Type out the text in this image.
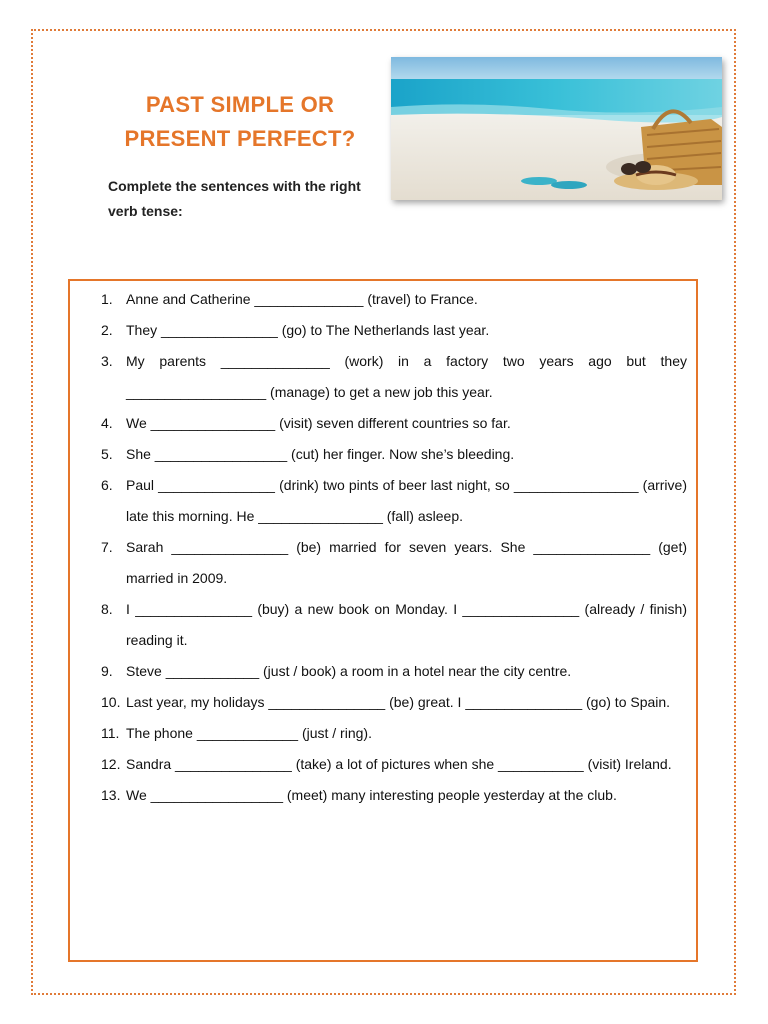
PAST SIMPLE OR
PRESENT PERFECT?
Complete the sentences with the right verb tense:
1. Anne and Catherine ______________ (travel) to France.
2. They _______________ (go) to The Netherlands last year.
3. My parents ______________ (work) in a factory two years ago but they __________________ (manage) to get a new job this year.
4. We ________________ (visit) seven different countries so far.
5. She _________________ (cut) her finger. Now she’s bleeding.
6. Paul _______________ (drink) two pints of beer last night, so ________________ (arrive) late this morning. He ________________ (fall) asleep.
7. Sarah _______________ (be) married for seven years. She _______________ (get) married in 2009.
8. I _______________ (buy) a new book on Monday. I _______________ (already / finish) reading it.
9. Steve ____________ (just / book) a room in a hotel near the city centre.
10. Last year, my holidays _______________ (be) great. I _______________ (go) to Spain.
11. The phone _____________ (just / ring).
12. Sandra _______________ (take) a lot of pictures when she ___________ (visit) Ireland.
13. We _________________ (meet) many interesting people yesterday at the club.
